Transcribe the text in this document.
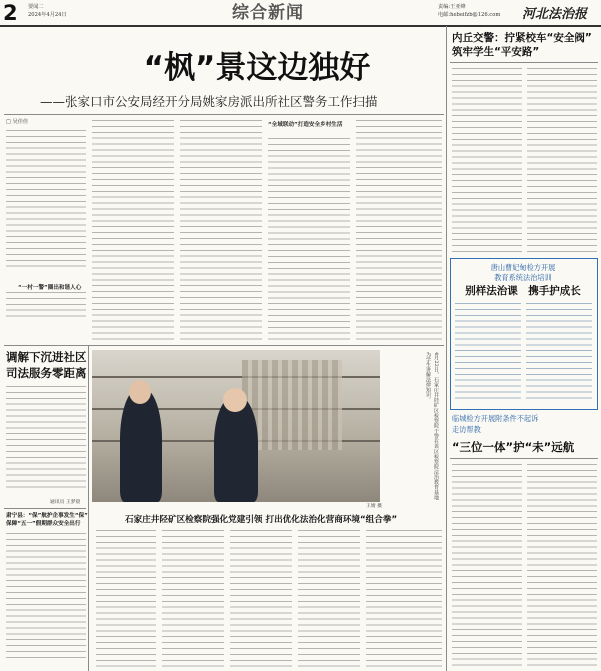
2 要闻二
2024年4月24日	综合新闻	责编:王亚峰
电邮:hebeifzb@126.com 河北法治报
“枫”景这边独好
——张家口市公安局经开分局姚家房派出所社区警务工作扫描
□ 吴佳佳
“一村一警”圈出和谐人心
“全域联动”打造安全乡村生活
调解下沉进社区
司法服务零距离
通讯员 王梦晨
肃宁县：“保”航护企事发生“保”
保障“五一”假期群众安全出行
4月22日，石家庄井陉矿区检察院干警在该区检察院法治教育基地为学生讲解法律知识。
王婧 摄
石家庄井陉矿区检察院强化党建引领 打出优化法治化营商环境“组合拳”
内丘交警：拧紧校车“安全阀”
筑牢学生“平安路”
唐山曹妃甸检方开展
教育系统法治培训
别样法治课　携手护成长
临城检方开展附条件不起诉
走访帮教
“三位一体”护“未”远航
